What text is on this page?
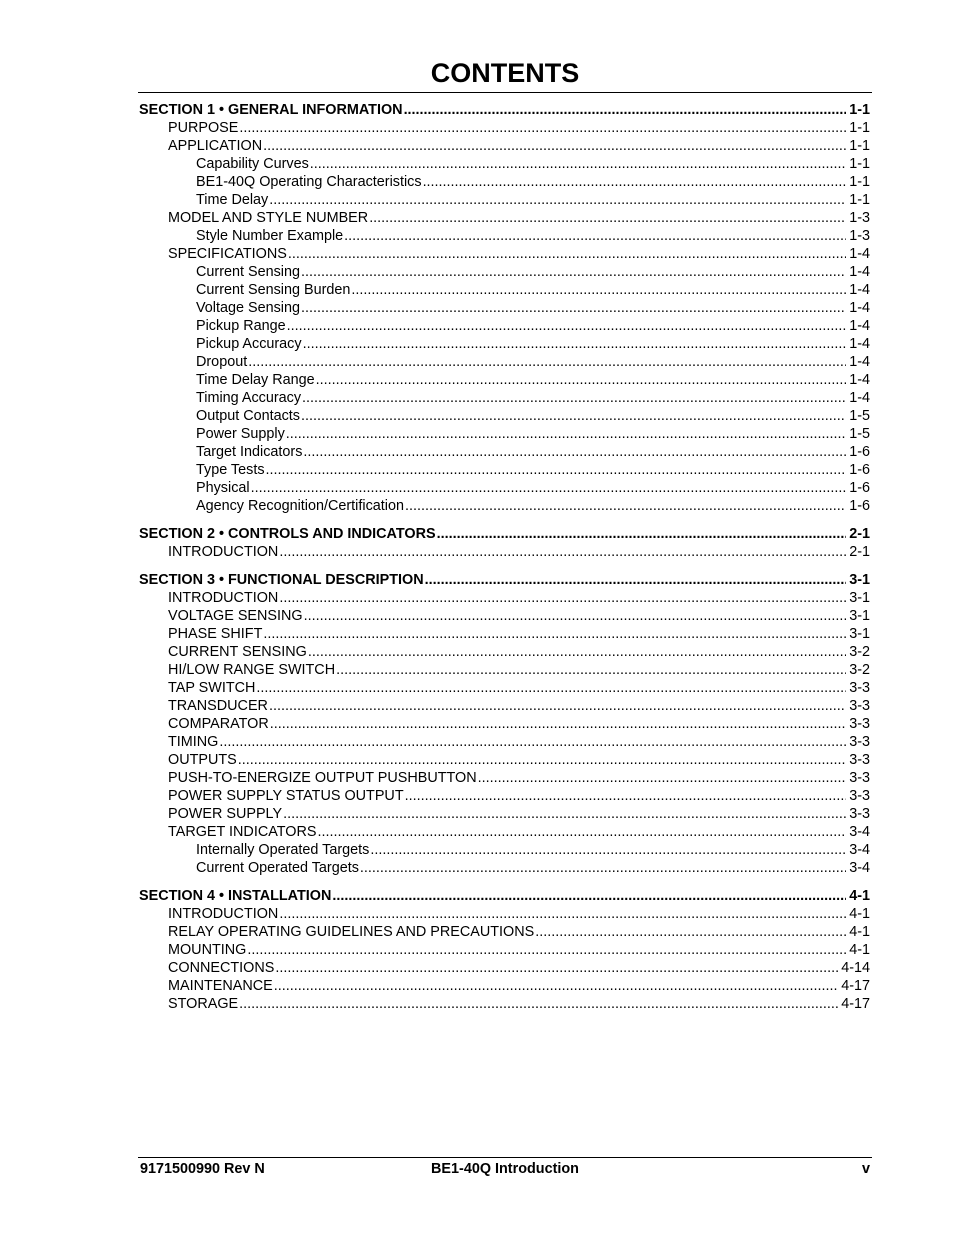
CONTENTS
SECTION 1 • GENERAL INFORMATION .....	1-1
PURPOSE .....	1-1
APPLICATION .....	1-1
Capability Curves .....	1-1
BE1-40Q Operating Characteristics .....	1-1
Time Delay .....	1-1
MODEL AND STYLE NUMBER .....	1-3
Style Number Example .....	1-3
SPECIFICATIONS .....	1-4
Current Sensing .....	1-4
Current Sensing Burden .....	1-4
Voltage Sensing .....	1-4
Pickup Range .....	1-4
Pickup Accuracy .....	1-4
Dropout .....	1-4
Time Delay Range .....	1-4
Timing Accuracy .....	1-4
Output Contacts .....	1-5
Power Supply .....	1-5
Target Indicators .....	1-6
Type Tests .....	1-6
Physical .....	1-6
Agency Recognition/Certification .....	1-6
SECTION 2 • CONTROLS AND INDICATORS .....	2-1
INTRODUCTION .....	2-1
SECTION 3 • FUNCTIONAL DESCRIPTION .....	3-1
INTRODUCTION .....	3-1
VOLTAGE SENSING .....	3-1
PHASE SHIFT .....	3-1
CURRENT SENSING .....	3-2
HI/LOW RANGE SWITCH .....	3-2
TAP SWITCH .....	3-3
TRANSDUCER .....	3-3
COMPARATOR .....	3-3
TIMING .....	3-3
OUTPUTS .....	3-3
PUSH-TO-ENERGIZE OUTPUT PUSHBUTTON .....	3-3
POWER SUPPLY STATUS OUTPUT .....	3-3
POWER SUPPLY .....	3-3
TARGET INDICATORS .....	3-4
Internally Operated Targets .....	3-4
Current Operated Targets .....	3-4
SECTION 4 • INSTALLATION .....	4-1
INTRODUCTION .....	4-1
RELAY OPERATING GUIDELINES AND PRECAUTIONS .....	4-1
MOUNTING .....	4-1
CONNECTIONS .....	4-14
MAINTENANCE .....	4-17
STORAGE .....	4-17
9171500990 Rev N	BE1-40Q Introduction	v
